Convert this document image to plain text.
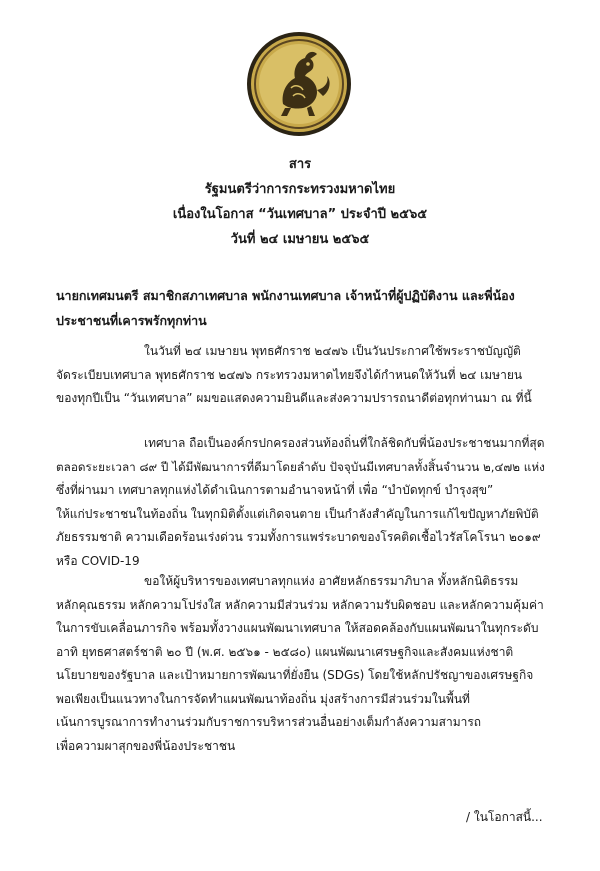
สาร
รัฐมนตรีว่าการกระทรวงมหาดไทย
เนื่องในโอกาส “วันเทศบาล” ประจำปี ๒๕๖๕
วันที่ ๒๔ เมษายน ๒๕๖๕
นายกเทศมนตรี สมาชิกสภาเทศบาล พนักงานเทศบาล เจ้าหน้าที่ผู้ปฏิบัติงาน และพี่น้อง
ประชาชนที่เคารพรักทุกท่าน
ในวันที่ ๒๔ เมษายน พุทธศักราช ๒๔๗๖ เป็นวันประกาศใช้พระราชบัญญัติ
จัดระเบียบเทศบาล พุทธศักราช ๒๔๗๖ กระทรวงมหาดไทยจึงได้กำหนดให้วันที่ ๒๔ เมษายน
ของทุกปีเป็น “วันเทศบาล” ผมขอแสดงความยินดีและส่งความปรารถนาดีต่อทุกท่านมา ณ ที่นี้
เทศบาล ถือเป็นองค์กรปกครองส่วนท้องถิ่นที่ใกล้ชิดกับพี่น้องประชาชนมากที่สุด
ตลอดระยะเวลา ๘๙ ปี ได้มีพัฒนาการที่ดีมาโดยลำดับ ปัจจุบันมีเทศบาลทั้งสิ้นจำนวน ๒,๔๗๒ แห่ง
ซึ่งที่ผ่านมา เทศบาลทุกแห่งได้ดำเนินการตามอำนาจหน้าที่ เพื่อ “บำบัดทุกข์ บำรุงสุข”
ให้แก่ประชาชนในท้องถิ่น ในทุกมิติตั้งแต่เกิดจนตาย เป็นกำลังสำคัญในการแก้ไขปัญหาภัยพิบัติ
ภัยธรรมชาติ ความเดือดร้อนเร่งด่วน รวมทั้งการแพร่ระบาดของโรคติดเชื้อไวรัสโคโรนา ๒๐๑๙
หรือ COVID-19
ขอให้ผู้บริหารของเทศบาลทุกแห่ง อาศัยหลักธรรมาภิบาล ทั้งหลักนิติธรรม
หลักคุณธรรม หลักความโปร่งใส หลักความมีส่วนร่วม หลักความรับผิดชอบ และหลักความคุ้มค่า
ในการขับเคลื่อนภารกิจ พร้อมทั้งวางแผนพัฒนาเทศบาล ให้สอดคล้องกับแผนพัฒนาในทุกระดับ
อาทิ ยุทธศาสตร์ชาติ ๒๐ ปี (พ.ศ. ๒๕๖๑ - ๒๕๘๐) แผนพัฒนาเศรษฐกิจและสังคมแห่งชาติ
นโยบายของรัฐบาล และเป้าหมายการพัฒนาที่ยั่งยืน (SDGs) โดยใช้หลักปรัชญาของเศรษฐกิจ
พอเพียงเป็นแนวทางในการจัดทำแผนพัฒนาท้องถิ่น มุ่งสร้างการมีส่วนร่วมในพื้นที่
เน้นการบูรณาการทำงานร่วมกับราชการบริหารส่วนอื่นอย่างเต็มกำลังความสามารถ
เพื่อความผาสุกของพี่น้องประชาชน
/ ในโอกาสนี้...
